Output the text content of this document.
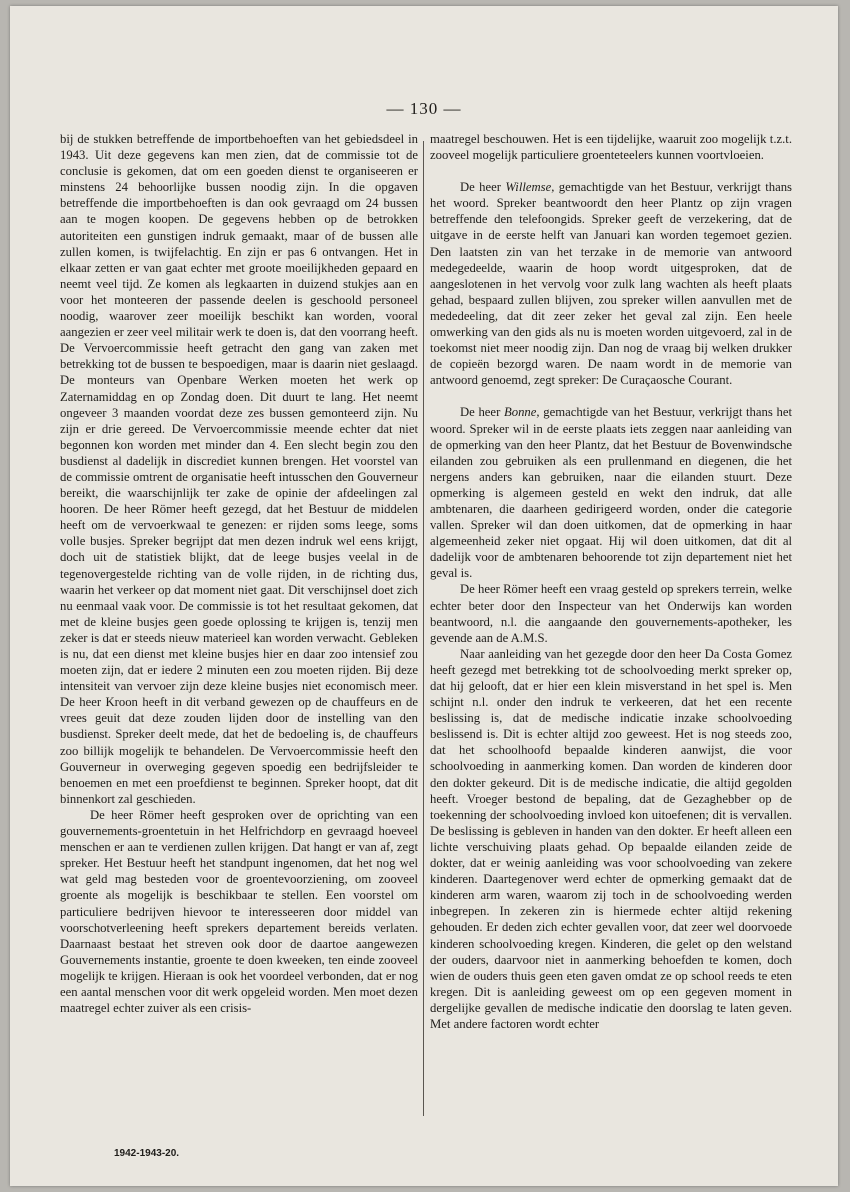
— 130 —

bij de stukken betreffende de importbehoeften van het gebiedsdeel in 1943. Uit deze gegevens kan men zien, dat de commissie tot de conclusie is gekomen, dat om een goeden dienst te organiseeren er minstens 24 behoorlijke bussen noodig zijn. In die opgaven betreffende die importbehoeften is dan ook gevraagd om 24 bussen aan te mogen koopen. De gegevens hebben op de betrokken autoriteiten een gunstigen indruk gemaakt, maar of de bussen alle zullen komen, is twijfelachtig. En zijn er pas 6 ontvangen. Het in elkaar zetten er van gaat echter met groote moeilijkheden gepaard en neemt veel tijd. Ze komen als legkaarten in duizend stukjes aan en voor het monteeren der passende deelen is geschoold personeel noodig, waarover zeer moeilijk beschikt kan worden, vooral aangezien er zeer veel militair werk te doen is, dat den voorrang heeft. De Vervoercommissie heeft getracht den gang van zaken met betrekking tot de bussen te bespoedigen, maar is daarin niet geslaagd. De monteurs van Openbare Werken moeten het werk op Zaternamiddag en op Zondag doen. Dit duurt te lang. Het neemt ongeveer 3 maanden voordat deze zes bussen gemonteerd zijn. Nu zijn er drie gereed. De Vervoercommissie meende echter dat niet begonnen kon worden met minder dan 4. Een slecht begin zou den busdienst al dadelijk in discrediet kunnen brengen. Het voorstel van de commissie omtrent de organisatie heeft intusschen den Gouverneur bereikt, die waarschijnlijk ter zake de opinie der afdeelingen zal hooren. De heer Römer heeft gezegd, dat het Bestuur de middelen heeft om de vervoerkwaal te genezen: er rijden soms leege, soms volle busjes. Spreker begrijpt dat men dezen indruk wel eens krijgt, doch uit de statistiek blijkt, dat de leege busjes veelal in de tegenovergestelde richting van de volle rijden, in de richting dus, waarin het verkeer op dat moment niet gaat. Dit verschijnsel doet zich nu eenmaal vaak voor. De commissie is tot het resultaat gekomen, dat met de kleine busjes geen goede oplossing te krijgen is, tenzij men zeker is dat er steeds nieuw materieel kan worden verwacht. Gebleken is nu, dat een dienst met kleine busjes hier en daar zoo intensief zou moeten zijn, dat er iedere 2 minuten een zou moeten rijden. Bij deze intensiteit van vervoer zijn deze kleine busjes niet economisch meer. De heer Kroon heeft in dit verband gewezen op de chauffeurs en de vrees geuit dat deze zouden lijden door de instelling van den busdienst. Spreker deelt mede, dat het de bedoeling is, de chauffeurs zoo billijk mogelijk te behandelen. De Vervoercommissie heeft den Gouverneur in overweging gegeven spoedig een bedrijfsleider te benoemen en met een proefdienst te beginnen. Spreker hoopt, dat dit binnenkort zal geschieden.

De heer Römer heeft gesproken over de oprichting van een gouvernements-groentetuin in het Helfrichdorp en gevraagd hoeveel menschen er aan te verdienen zullen krijgen. Dat hangt er van af, zegt spreker. Het Bestuur heeft het standpunt ingenomen, dat het nog wel wat geld mag besteden voor de groentevoorziening, om zooveel groente als mogelijk is beschikbaar te stellen. Een voorstel om particuliere bedrijven hievoor te interesseeren door middel van voorschotverleening heeft sprekers departement bereids verlaten. Daarnaast bestaat het streven ook door de daartoe aangewezen Gouvernements instantie, groente te doen kweeken, ten einde zooveel mogelijk te krijgen. Hieraan is ook het voordeel verbonden, dat er nog een aantal menschen voor dit werk opgeleid worden. Men moet dezen maatregel echter zuiver als een crisis-

maatregel beschouwen. Het is een tijdelijke, waaruit zoo mogelijk t.z.t. zooveel mogelijk particuliere groenteteelers kunnen voortvloeien.

De heer Willemse, gemachtigde van het Bestuur, verkrijgt thans het woord. Spreker beantwoordt den heer Plantz op zijn vragen betreffende den telefoongids. Spreker geeft de verzekering, dat de uitgave in de eerste helft van Januari kan worden tegemoet gezien. Den laatsten zin van het terzake in de memorie van antwoord medegedeelde, waarin de hoop wordt uitgesproken, dat de aangeslotenen in het vervolg voor zulk lang wachten als heeft plaats gehad, bespaard zullen blijven, zou spreker willen aanvullen met de mededeeling, dat dit zeer zeker het geval zal zijn. Een heele omwerking van den gids als nu is moeten worden uitgevoerd, zal in de toekomst niet meer noodig zijn. Dan nog de vraag bij welken drukker de copieën bezorgd waren. De naam wordt in de memorie van antwoord genoemd, zegt spreker: De Curaçaosche Courant.

De heer Bonne, gemachtigde van het Bestuur, verkrijgt thans het woord. Spreker wil in de eerste plaats iets zeggen naar aanleiding van de opmerking van den heer Plantz, dat het Bestuur de Bovenwindsche eilanden zou gebruiken als een prullenmand en diegenen, die het nergens anders kan gebruiken, naar die eilanden stuurt. Deze opmerking is algemeen gesteld en wekt den indruk, dat alle ambtenaren, die daarheen gedirigeerd worden, onder die categorie vallen. Spreker wil dan doen uitkomen, dat de opmerking in haar algemeenheid zeker niet opgaat. Hij wil doen uitkomen, dat dit al dadelijk voor de ambtenaren behoorende tot zijn departement niet het geval is.

De heer Römer heeft een vraag gesteld op sprekers terrein, welke echter beter door den Inspecteur van het Onderwijs kan worden beantwoord, n.l. die aangaande den gouvernements-apotheker, les gevende aan de A.M.S.

Naar aanleiding van het gezegde door den heer Da Costa Gomez heeft gezegd met betrekking tot de schoolvoeding merkt spreker op, dat hij gelooft, dat er hier een klein misverstand in het spel is. Men schijnt n.l. onder den indruk te verkeeren, dat het een recente beslissing is, dat de medische indicatie inzake schoolvoeding beslissend is. Dit is echter altijd zoo geweest. Het is nog steeds zoo, dat het schoolhoofd bepaalde kinderen aanwijst, die voor schoolvoeding in aanmerking komen. Dan worden de kinderen door den dokter gekeurd. Dit is de medische indicatie, die altijd gegolden heeft. Vroeger bestond de bepaling, dat de Gezaghebber op de toekenning der schoolvoeding invloed kon uitoefenen; dit is vervallen. De beslissing is gebleven in handen van den dokter. Er heeft alleen een lichte verschuiving plaats gehad. Op bepaalde eilanden zeide de dokter, dat er weinig aanleiding was voor schoolvoeding van zekere kinderen. Daartegenover werd echter de opmerking gemaakt dat de kinderen arm waren, waarom zij toch in de schoolvoeding werden inbegrepen. In zekeren zin is hiermede echter altijd rekening gehouden. Er deden zich echter gevallen voor, dat zeer wel doorvoede kinderen schoolvoeding kregen. Kinderen, die gelet op den welstand der ouders, daarvoor niet in aanmerking behoefden te komen, doch wien de ouders thuis geen eten gaven omdat ze op school reeds te eten kregen. Dit is aanleiding geweest om op een gegeven moment in dergelijke gevallen de medische indicatie den doorslag te laten geven. Met andere factoren wordt echter

1942-1943-20.
